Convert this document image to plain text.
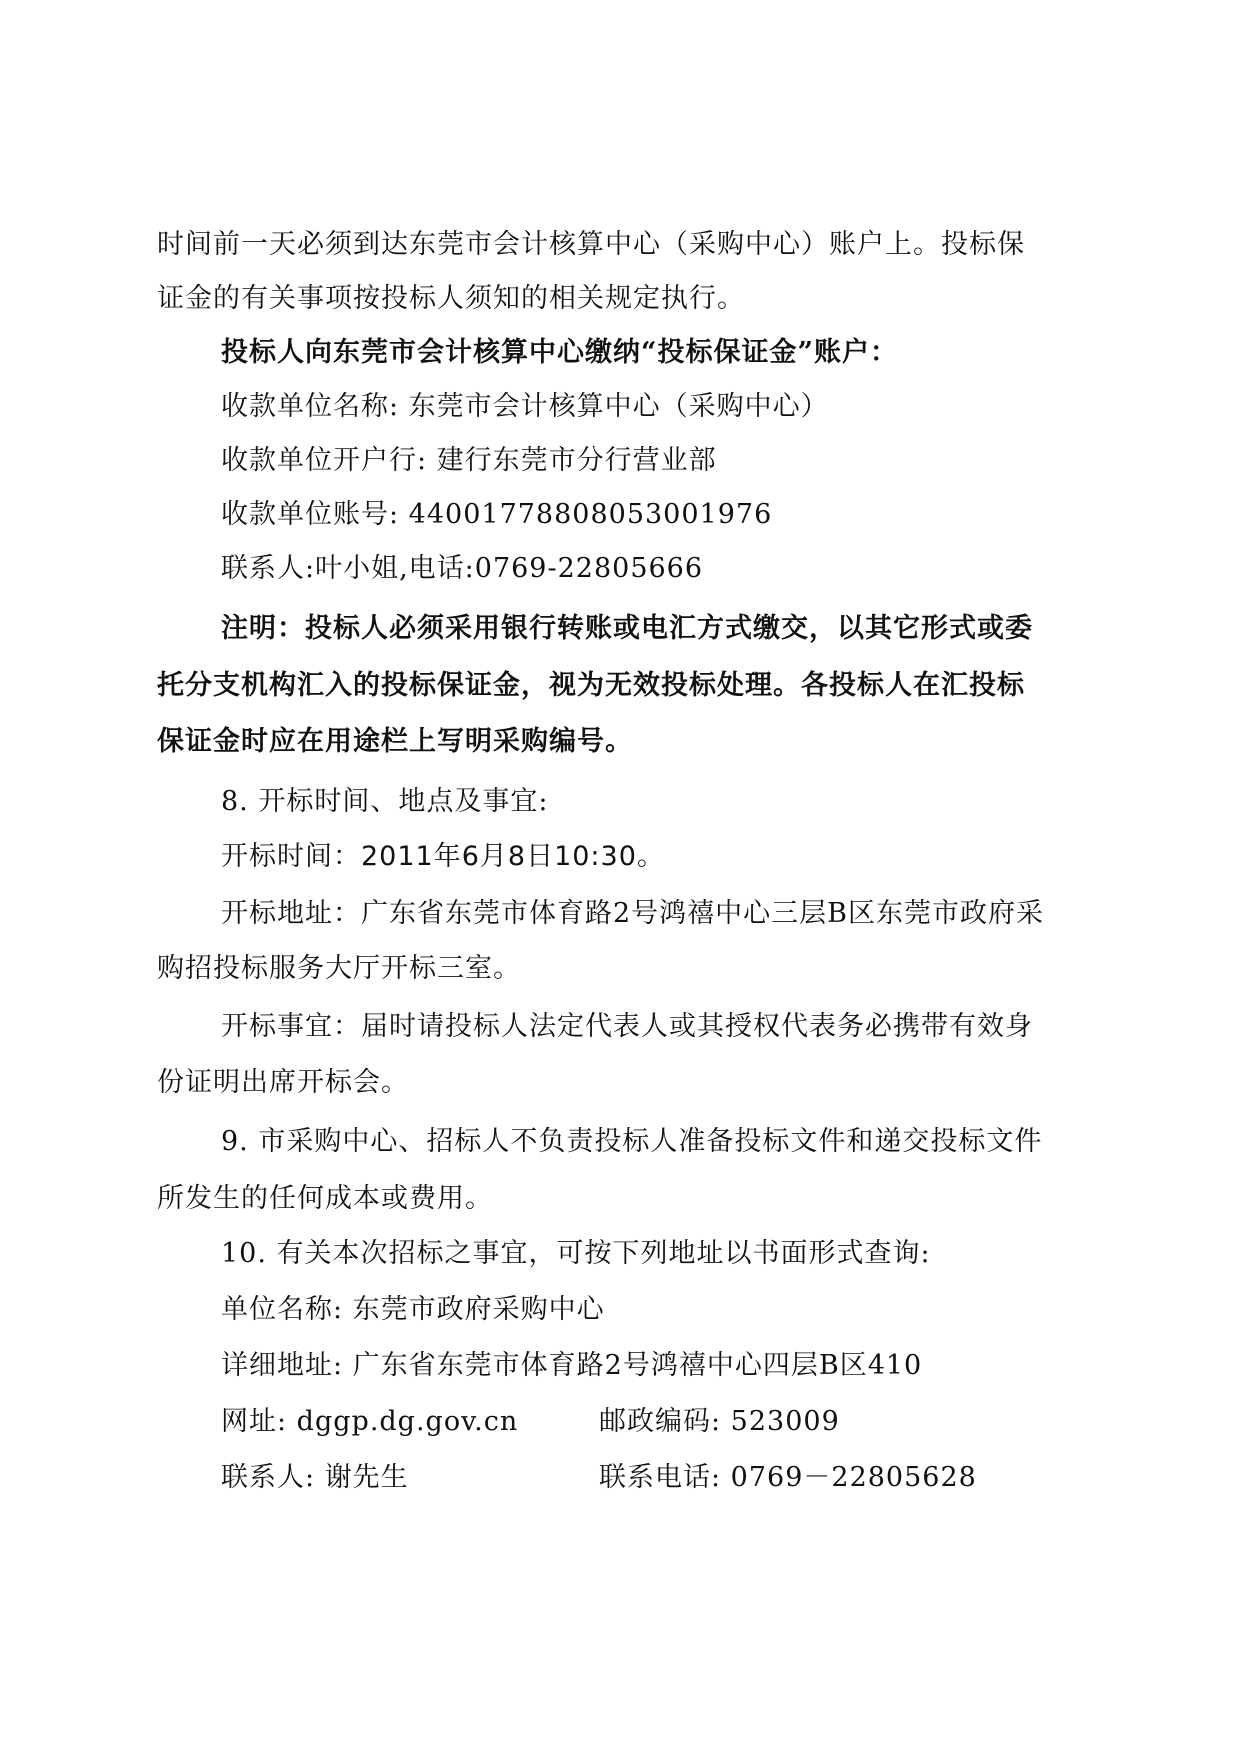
时间前一天必须到达东莞市会计核算中心（采购中心）账户上。投标保
证金的有关事项按投标人须知的相关规定执行。
投标人向东莞市会计核算中心缴纳“投标保证金”账户：
收款单位名称: 东莞市会计核算中心（采购中心）
收款单位开户行: 建行东莞市分行营业部
收款单位账号: 44001778808053001976
联系人:叶小姐,电话:0769-22805666
注明：投标人必须采用银行转账或电汇方式缴交，以其它形式或委
托分支机构汇入的投标保证金，视为无效投标处理。各投标人在汇投标
保证金时应在用途栏上写明采购编号。
8. 开标时间、地点及事宜:
开标时间：2011年6月8日10:30。
开标地址：广东省东莞市体育路2号鸿禧中心三层B区东莞市政府采
购招投标服务大厅开标三室。
开标事宜：届时请投标人法定代表人或其授权代表务必携带有效身
份证明出席开标会。
9. 市采购中心、招标人不负责投标人准备投标文件和递交投标文件
所发生的任何成本或费用。
10. 有关本次招标之事宜，可按下列地址以书面形式查询:
单位名称: 东莞市政府采购中心
详细地址: 广东省东莞市体育路2号鸿禧中心四层B区410
网址: dggp.dg.gov.cn	邮政编码: 523009
联系人: 谢先生	联系电话: 0769－22805628
